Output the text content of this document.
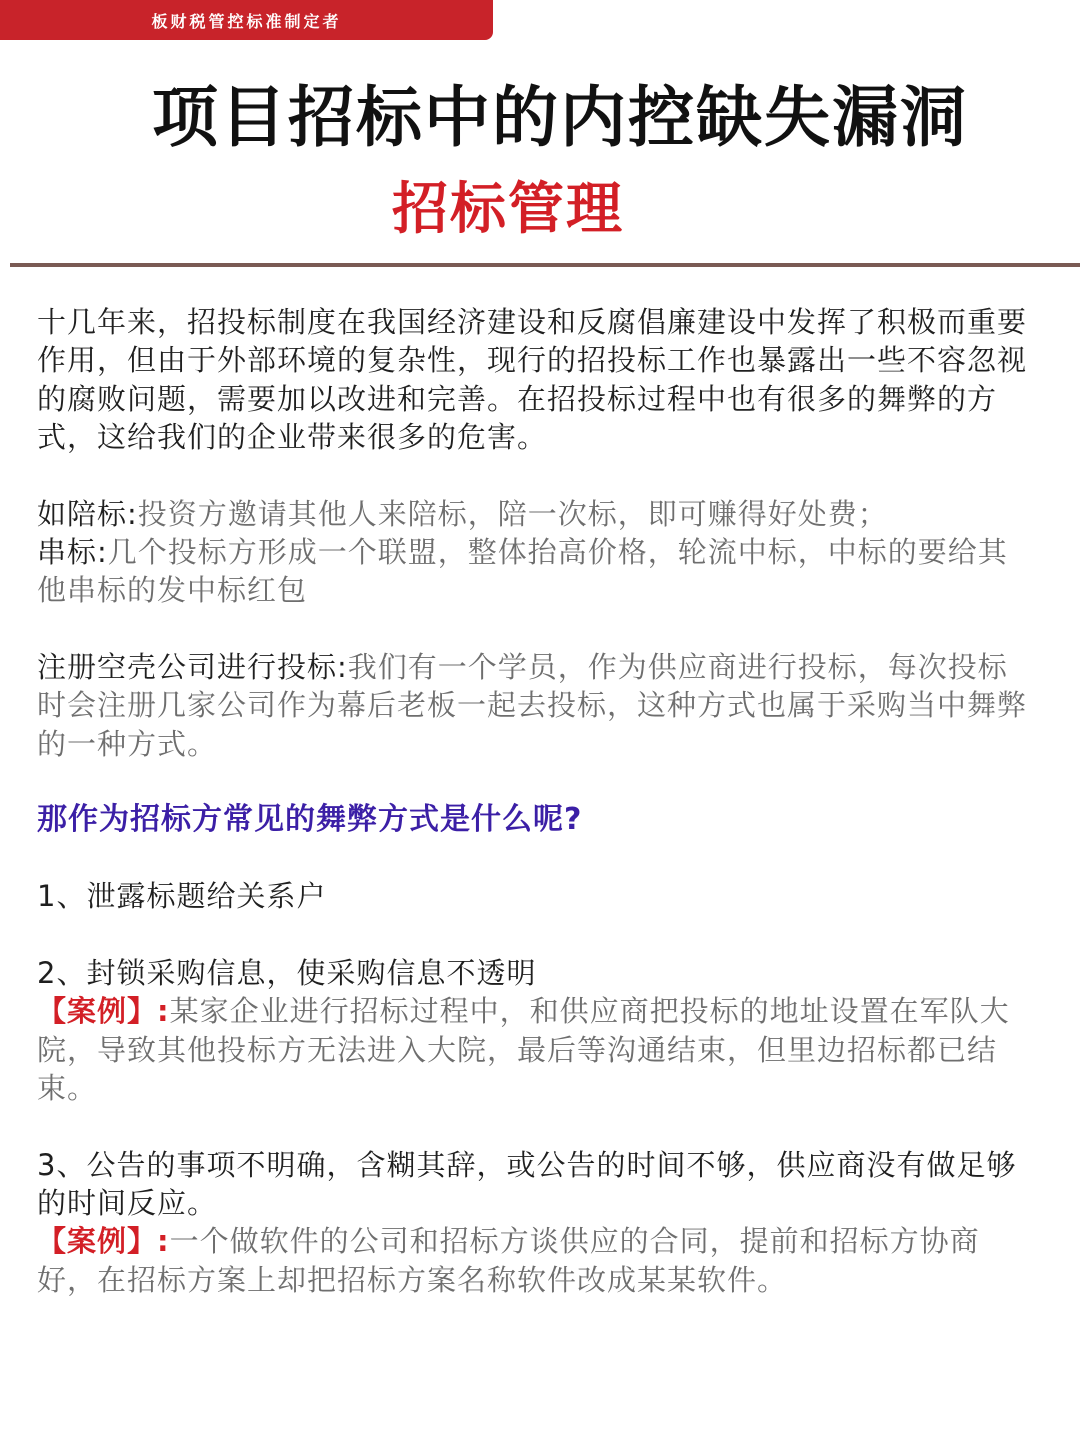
板财税管控标准制定者
项目招标中的内控缺失漏洞
招标管理

十几年来，招投标制度在我国经济建设和反腐倡廉建设中发挥了积极而重要作用，但由于外部环境的复杂性，现行的招投标工作也暴露出一些不容忽视的腐败问题，需要加以改进和完善。在招投标过程中也有很多的舞弊的方式，这给我们的企业带来很多的危害。

如陪标:投资方邀请其他人来陪标，陪一次标，即可赚得好处费；

串标:几个投标方形成一个联盟，整体抬高价格，轮流中标，中标的要给其他串标的发中标红包

注册空壳公司进行投标:我们有一个学员，作为供应商进行投标，每次投标时会注册几家公司作为幕后老板一起去投标，这种方式也属于采购当中舞弊的一种方式。

那作为招标方常见的舞弊方式是什么呢?

1、泄露标题给关系户

2、封锁采购信息，使采购信息不透明

【案例】:某家企业进行招标过程中，和供应商把投标的地址设置在军队大院，导致其他投标方无法进入大院，最后等沟通结束，但里边招标都已结束。

3、公告的事项不明确，含糊其辞，或公告的时间不够，供应商没有做足够的时间反应。

【案例】:一个做软件的公司和招标方谈供应的合同，提前和招标方协商好，在招标方案上却把招标方案名称软件改成某某软件。
